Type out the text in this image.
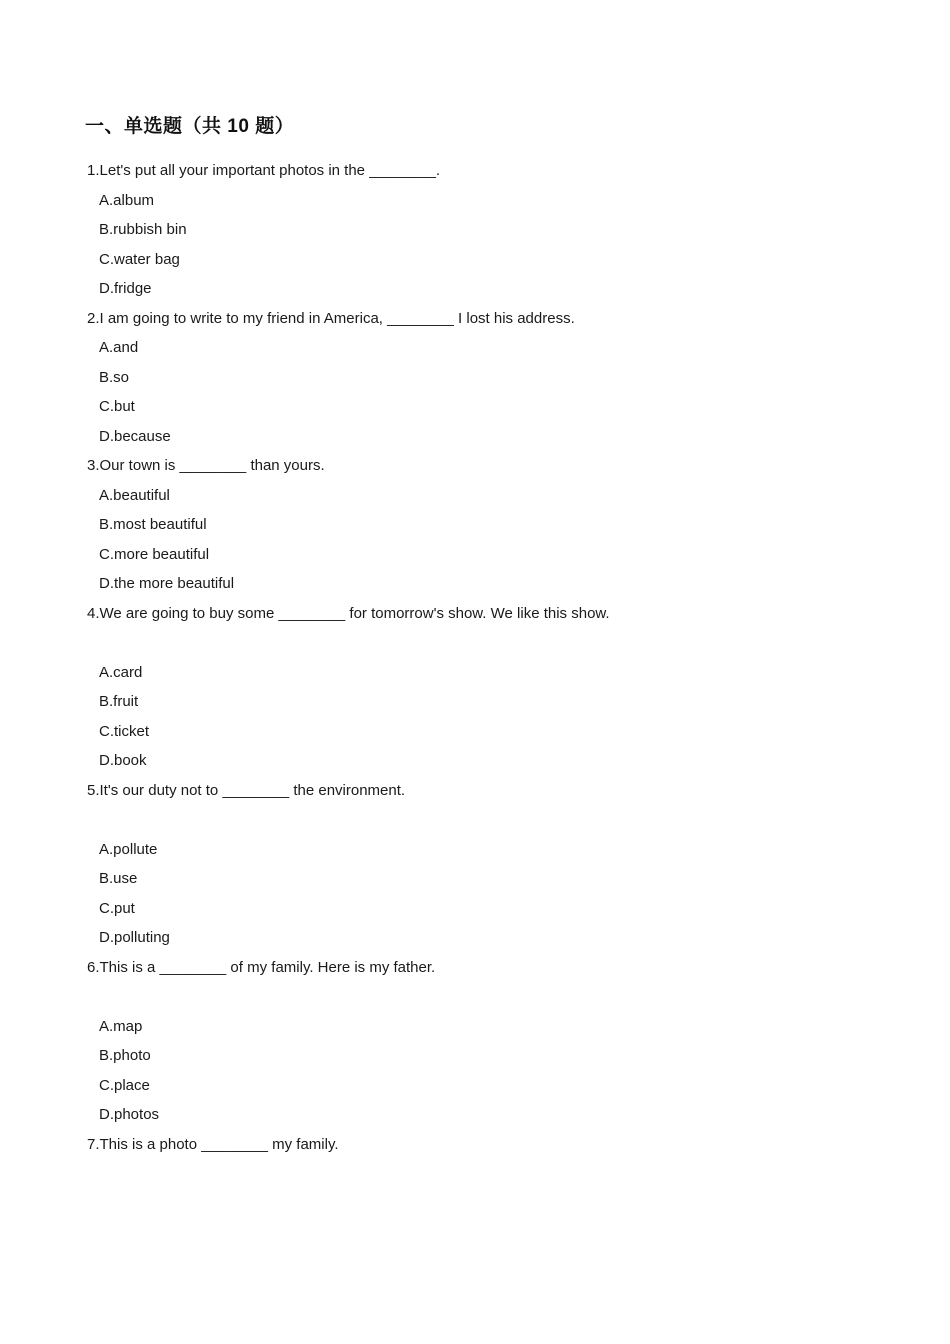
一、单选题（共 10 题）
1.Let's put all your important photos in the ________.
A.album
B.rubbish bin
C.water bag
D.fridge
2.I am going to write to my friend in America, ________ I lost his address.
A.and
B.so
C.but
D.because
3.Our town is ________ than yours.
A.beautiful
B.most beautiful
C.more beautiful
D.the more beautiful
4.We are going to buy some ________ for tomorrow's show. We like this show.
A.card
B.fruit
C.ticket
D.book
5.It's our duty not to ________ the environment.
A.pollute
B.use
C.put
D.polluting
6.This is a ________ of my family. Here is my father.
A.map
B.photo
C.place
D.photos
7.This is a photo ________ my family.
